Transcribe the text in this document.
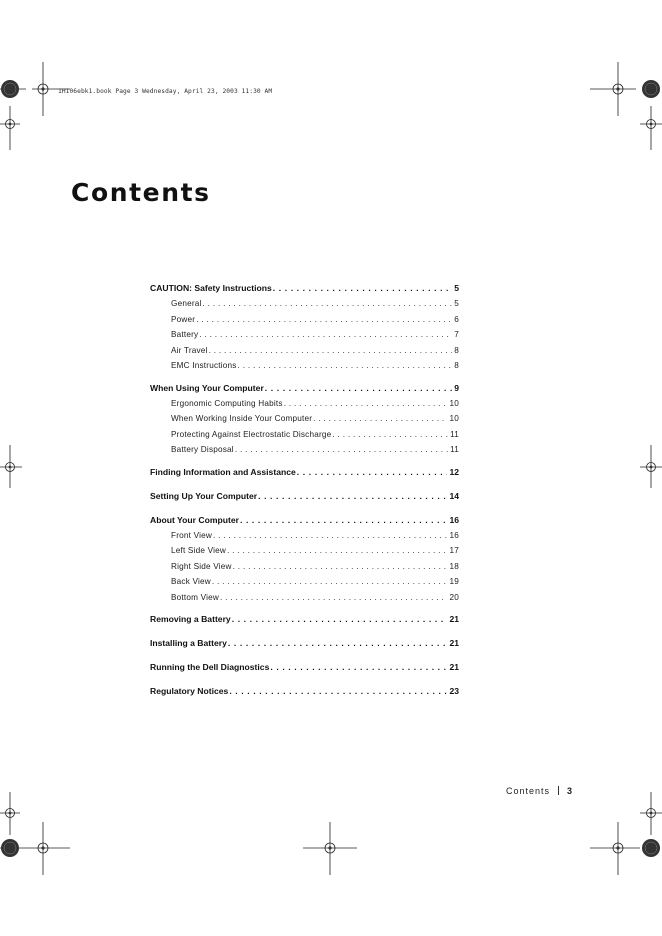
1H106ebk1.book Page 3 Wednesday, April 23, 2003 11:30 AM
Contents
CAUTION: Safety Instructions . . .	5
General . . .	5
Power . . .	6
Battery . . .	7
Air Travel . . .	8
EMC Instructions . . .	8
When Using Your Computer . . .	9
Ergonomic Computing Habits . . .	10
When Working Inside Your Computer . . .	10
Protecting Against Electrostatic Discharge . . .	11
Battery Disposal . . .	11
Finding Information and Assistance . . .	12
Setting Up Your Computer . . .	14
About Your Computer . . .	16
Front View . . .	16
Left Side View . . .	17
Right Side View . . .	18
Back View . . .	19
Bottom View . . .	20
Removing a Battery . . .	21
Installing a Battery . . .	21
Running the Dell Diagnostics . . .	21
Regulatory Notices . . .	23
Contents 3
